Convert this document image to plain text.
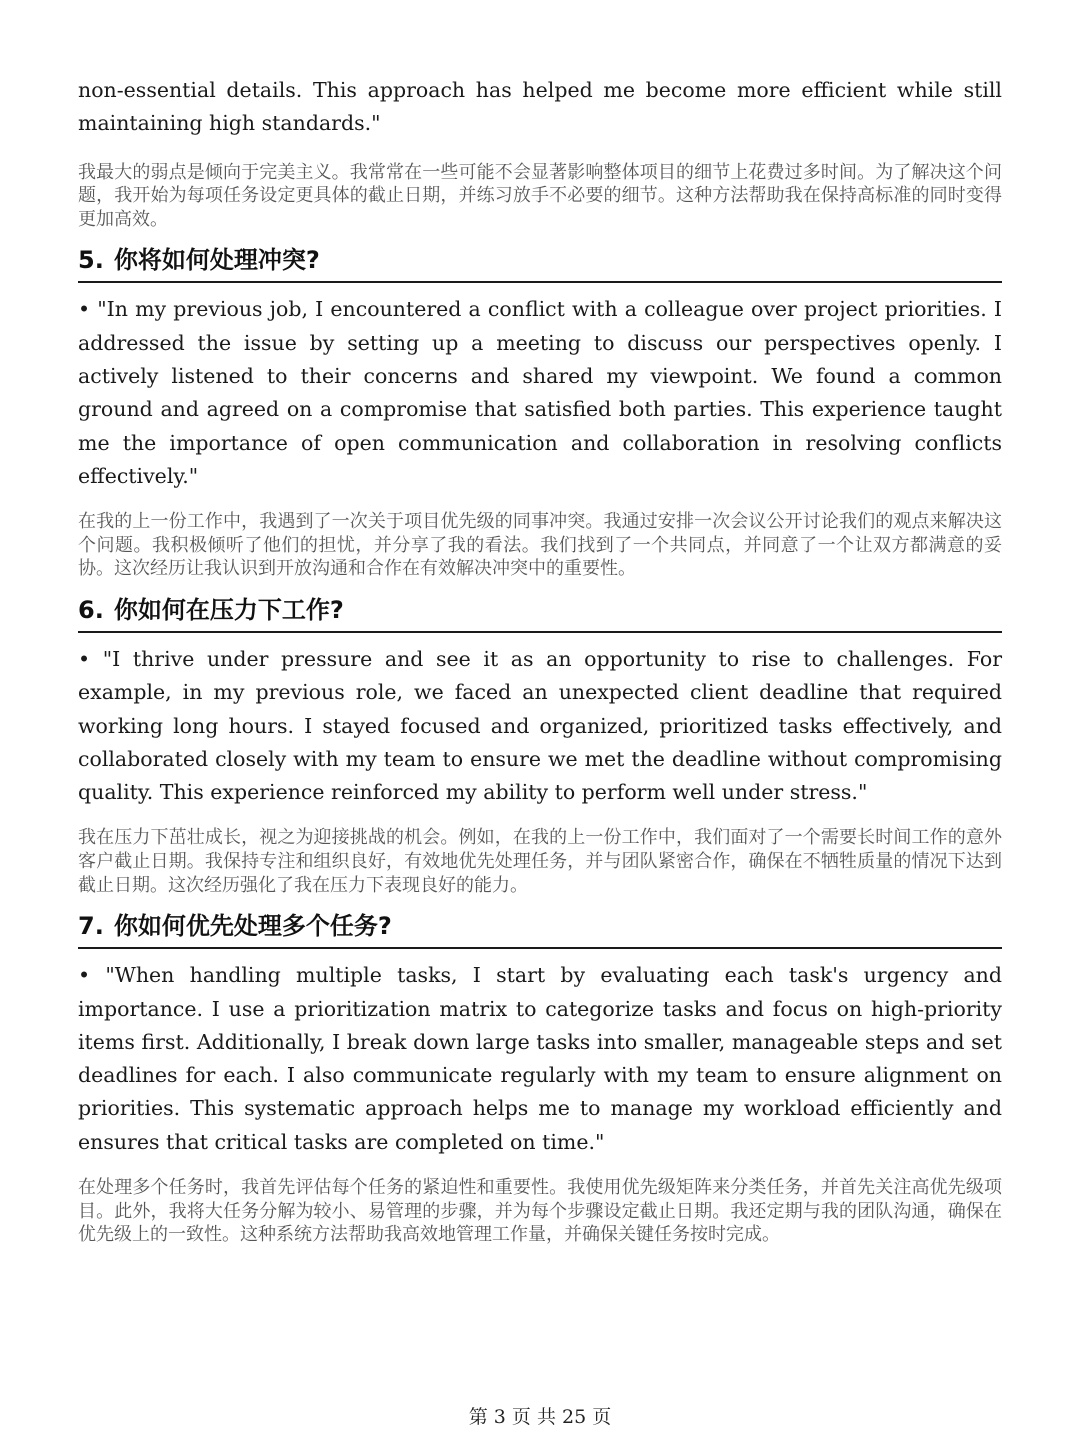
non-essential details. This approach has helped me become more efficient while still maintaining high standards."

我最大的弱点是倾向于完美主义。我常常在一些可能不会显著影响整体项目的细节上花费过多时间。为了解决这个问题，我开始为每项任务设定更具体的截止日期，并练习放手不必要的细节。这种方法帮助我在保持高标准的同时变得更加高效。

5. 你将如何处理冲突?

• "In my previous job, I encountered a conflict with a colleague over project priorities. I addressed the issue by setting up a meeting to discuss our perspectives openly. I actively listened to their concerns and shared my viewpoint. We found a common ground and agreed on a compromise that satisfied both parties. This experience taught me the importance of open communication and collaboration in resolving conflicts effectively."

在我的上一份工作中，我遇到了一次关于项目优先级的同事冲突。我通过安排一次会议公开讨论我们的观点来解决这个问题。我积极倾听了他们的担忧，并分享了我的看法。我们找到了一个共同点，并同意了一个让双方都满意的妥协。这次经历让我认识到开放沟通和合作在有效解决冲突中的重要性。

6. 你如何在压力下工作?

• "I thrive under pressure and see it as an opportunity to rise to challenges. For example, in my previous role, we faced an unexpected client deadline that required working long hours. I stayed focused and organized, prioritized tasks effectively, and collaborated closely with my team to ensure we met the deadline without compromising quality. This experience reinforced my ability to perform well under stress."

我在压力下茁壮成长，视之为迎接挑战的机会。例如，在我的上一份工作中，我们面对了一个需要长时间工作的意外客户截止日期。我保持专注和组织良好，有效地优先处理任务，并与团队紧密合作，确保在不牺牲质量的情况下达到截止日期。这次经历强化了我在压力下表现良好的能力。

7. 你如何优先处理多个任务?

• "When handling multiple tasks, I start by evaluating each task's urgency and importance. I use a prioritization matrix to categorize tasks and focus on high-priority items first. Additionally, I break down large tasks into smaller, manageable steps and set deadlines for each. I also communicate regularly with my team to ensure alignment on priorities. This systematic approach helps me to manage my workload efficiently and ensures that critical tasks are completed on time."

在处理多个任务时，我首先评估每个任务的紧迫性和重要性。我使用优先级矩阵来分类任务，并首先关注高优先级项目。此外，我将大任务分解为较小、易管理的步骤，并为每个步骤设定截止日期。我还定期与我的团队沟通，确保在优先级上的一致性。这种系统方法帮助我高效地管理工作量，并确保关键任务按时完成。

第 3 页 共 25 页
